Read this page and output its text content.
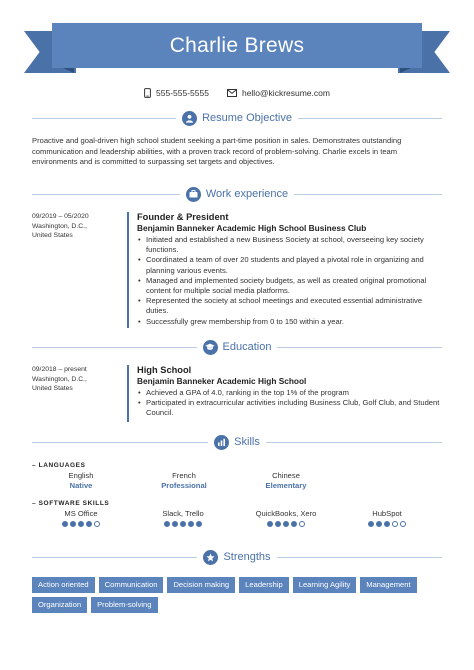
Charlie Brews
555-555-5555	hello@kickresume.com
Resume Objective
Proactive and goal-driven high school student seeking a part-time position in sales. Demonstrates outstanding communication and leadership abilities, with a proven track record of problem-solving. Charlie excels in team environments and is committed to surpassing set targets and objectives.
Work experience
09/2019 – 05/2020
Washington, D.C., United States
Founder & President
Benjamin Banneker Academic High School Business Club
• Initiated and established a new Business Society at school, overseeing key society functions.
• Coordinated a team of over 20 students and played a pivotal role in organizing and planning various events.
• Managed and implemented society budgets, as well as created original promotional content for multiple social media platforms.
• Represented the society at school meetings and executed essential administrative duties.
• Successfully grew membership from 0 to 150 within a year.
Education
09/2018 – present
Washington, D.C., United States
High School
Benjamin Banneker Academic High School
• Achieved a GPA of 4.0, ranking in the top 1% of the program
• Participated in extracurricular activities including Business Club, Golf Club, and Student Council.
Skills
– LANGUAGES
English
Native
French
Professional
Chinese
Elementary
– SOFTWARE SKILLS
MS Office	Slack, Trello	QuickBooks, Xero	HubSpot
Strengths
Action oriented	Communication	Decision making	Leadership	Learning Agility	Management
Organization	Problem-solving
